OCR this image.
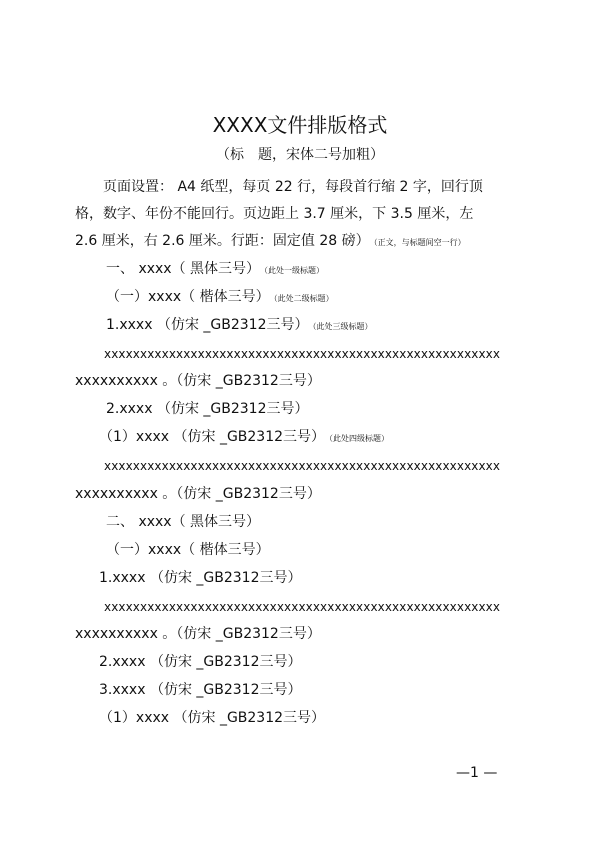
XXXX文件排版格式
（标　题，宋体二号加粗）
页面设置： A4 纸型，每页 22 行，每段首行缩 2 字，回行顶
格，数字、年份不能回行。页边距上 3.7 厘米，下 3.5 厘米，左
2.6 厘米，右 2.6 厘米。行距：固定值 28 磅） （正文，与标题间空一行）
一、 xxxx（ 黑体三号） （此处一级标题）
（一）xxxx（ 楷体三号） （此处二级标题）
1.xxxx （仿宋 _GB2312三号） （此处三级标题）
xxxxxxxxxxxxxxxxxxxxxxxxxxxxxxxxxxxxxxxxxxxxxxxxxxxxxxx
xxxxxxxxxx 。（仿宋 _GB2312三号）
2.xxxx （仿宋 _GB2312三号）
（1）xxxx （仿宋 _GB2312三号） （此处四级标题）
xxxxxxxxxxxxxxxxxxxxxxxxxxxxxxxxxxxxxxxxxxxxxxxxxxxxxxx
xxxxxxxxxx 。（仿宋 _GB2312三号）
二、 xxxx（ 黑体三号）
（一）xxxx（ 楷体三号）
1.xxxx （仿宋 _GB2312三号）
xxxxxxxxxxxxxxxxxxxxxxxxxxxxxxxxxxxxxxxxxxxxxxxxxxxxxxx
xxxxxxxxxx 。（仿宋 _GB2312三号）
2.xxxx （仿宋 _GB2312三号）
3.xxxx （仿宋 _GB2312三号）
（1）xxxx （仿宋 _GB2312三号）
—1 —
